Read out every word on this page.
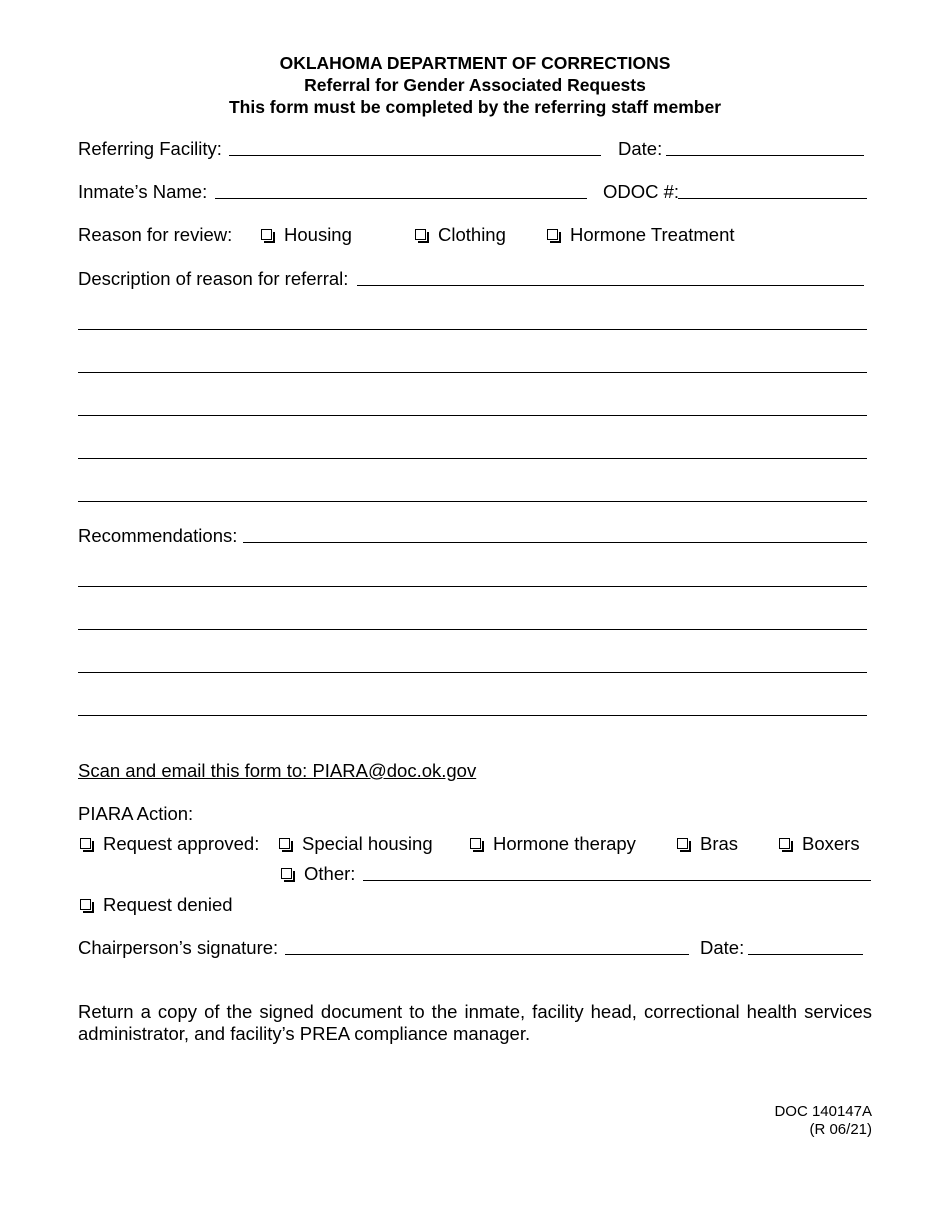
OKLAHOMA DEPARTMENT OF CORRECTIONS
Referral for Gender Associated Requests
This form must be completed by the referring staff member
Referring Facility:	Date:
Inmate’s Name:	ODOC #:
Reason for review:	Housing	Clothing	Hormone Treatment
Description of reason for referral:
Recommendations:
Scan and email this form to: PIARA@doc.ok.gov
PIARA Action:
Request approved:	Special housing	Hormone therapy	Bras	Boxers
Other:
Request denied
Chairperson’s signature:	Date:
Return a copy of the signed document to the inmate, facility head, correctional health services administrator, and facility’s PREA compliance manager.
DOC 140147A
(R 06/21)
